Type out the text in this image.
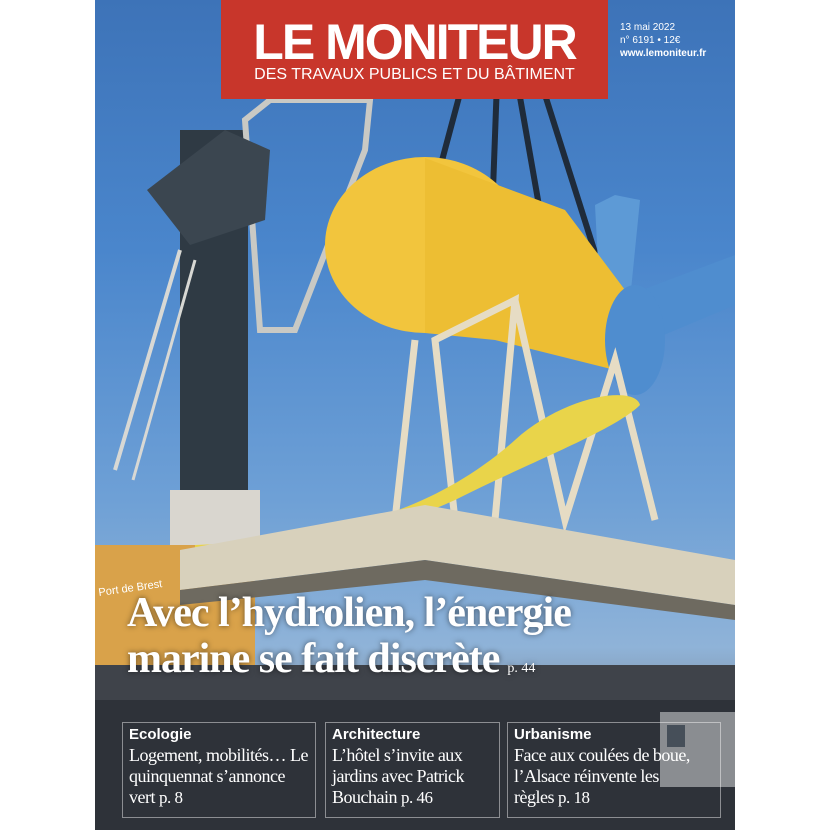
Port de Brest
LE MONITEUR
DES TRAVAUX PUBLICS ET DU BÂTIMENT
13 mai 2022
n° 6191 • 12€
www.lemoniteur.fr
Avec l’hydrolien, l’énergie
marine se fait discrète p. 44
Ecologie
Logement, mobilités… Le quinquennat s’annonce vert p. 8
Architecture
L’hôtel s’invite aux jardins avec Patrick Bouchain p. 46
Urbanisme
Face aux coulées de boue, l’Alsace réinvente les règles p. 18
